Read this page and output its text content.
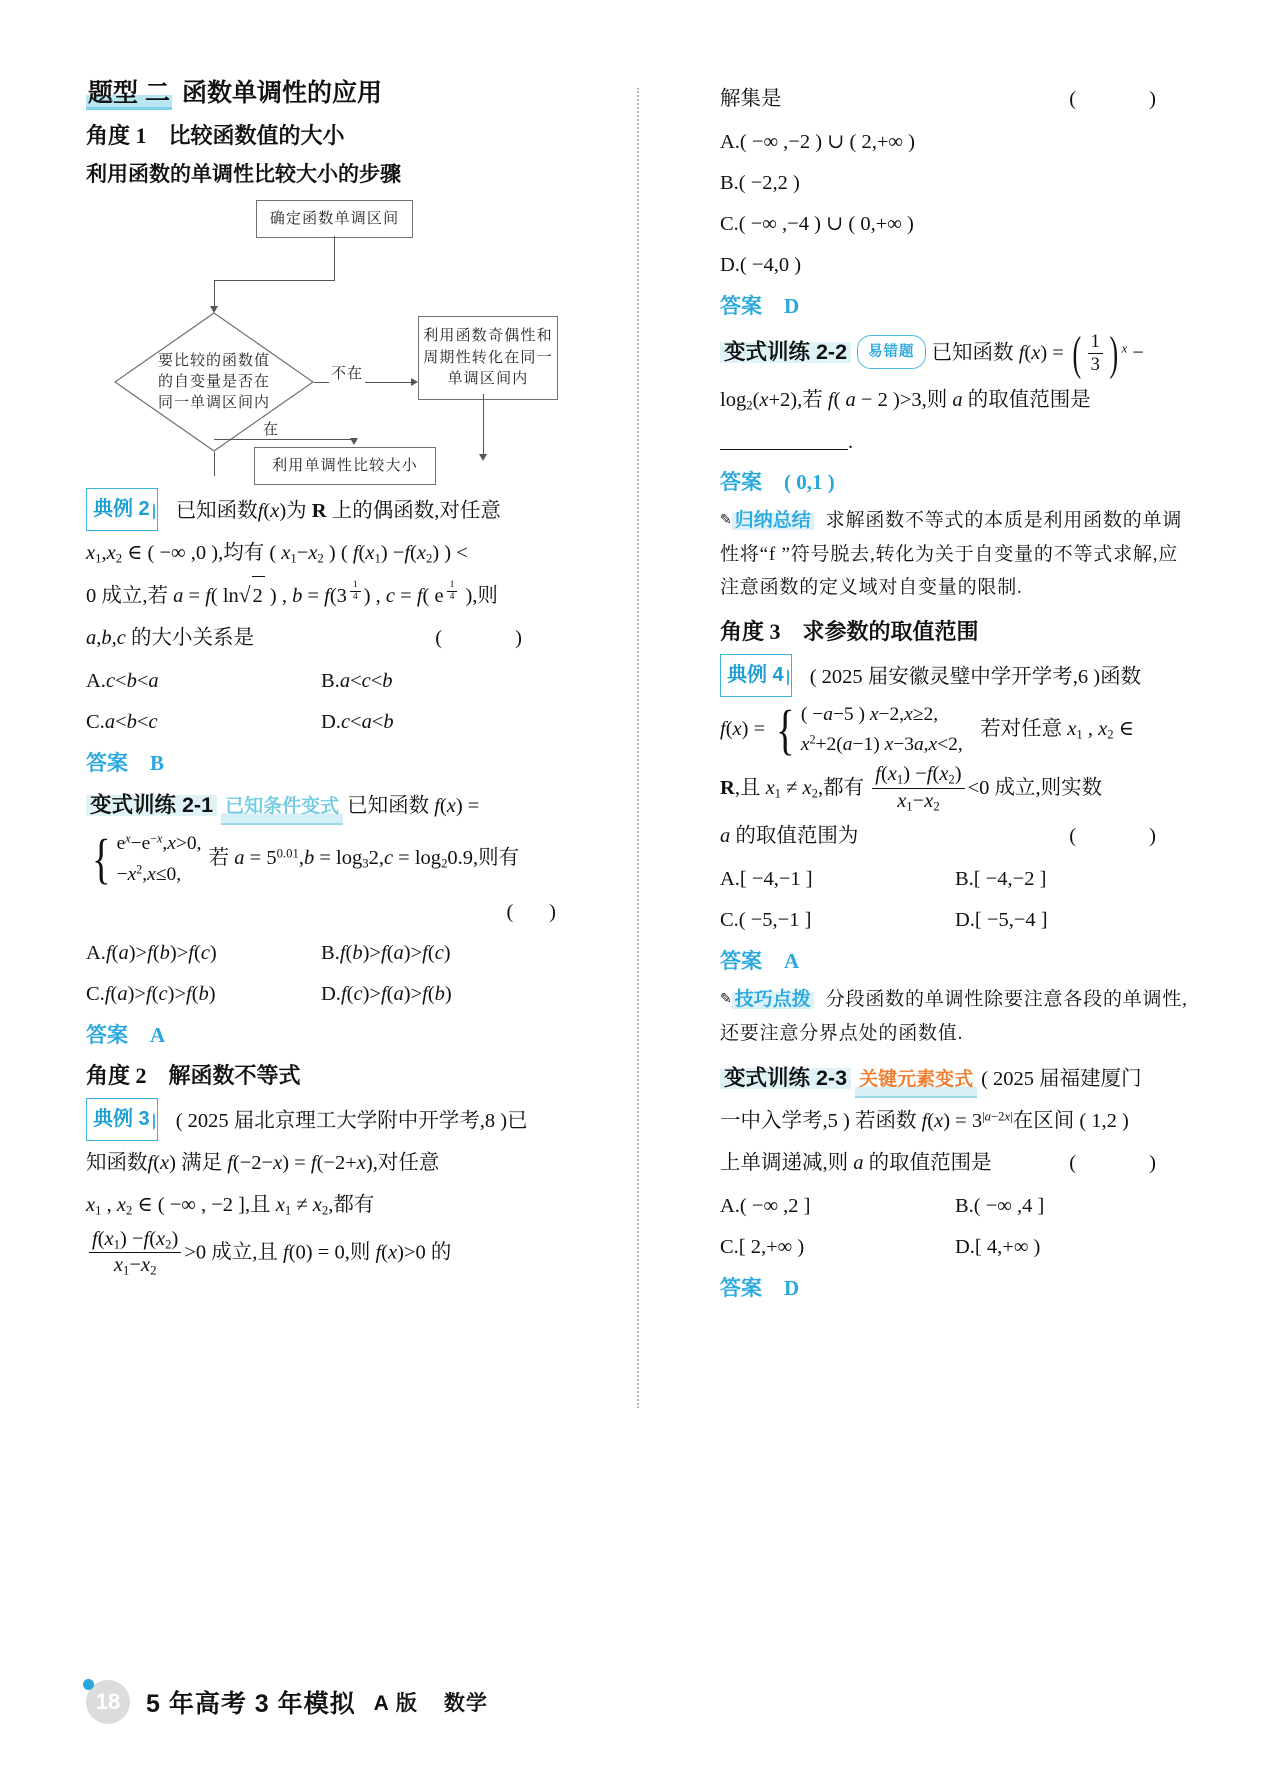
题型 二 函数单调性的应用
角度 1 比较函数值的大小
利用函数的单调性比较大小的步骤
确定函数单调区间
要比较的函数值的自变量是否在同一单调区间内
不在
利用函数奇偶性和周期性转化在同一单调区间内
在
利用单调性比较大小
典例 2 已知函数f(x)为 R 上的偶函数,对任意
$x_1,x_2$ ∈ ( −∞ ,0 ),均有 ( $x_1-x_2$ ) ( $f(x_1) -f(x_2)$ ) <
0 成立,若 a = f( ln √ 2 ) , b = f(3 $^{\frac{1}{4}}$ ) , c = f( e $^{\frac{1}{4}}$ ),则
a,b,c 的大小关系是	( )
A.c<b<a	B.a<c<b
C.a<b<c	D.c<a<b
答案 B
变式训练 2-1 已知条件变式 已知函数 f(x) =
{ $e^x-e^{-x},x>0$,
$-x^2,x\le 0$,
若 $a = 5^{0.01},b = \log_32,c = \log_20.9$,则有
(       )
A.f(a)>f(b)>f(c)	B.f(b)>f(a)>f(c)
C.f(a)>f(c)>f(b)	D.f(c)>f(a)>f(b)
答案 A
角度 2 解函数不等式
典例 3 ( 2025 届北京理工大学附中开学考,8 )已
知函数f(x) 满足 f(−2−x) = f(−2+x),对任意
$x_1$ , $x_2$ ∈ ( −∞ , −2 ],且 $x_1 \ne x_2$,都有
$\frac{f(x_1) -f(x_2)}{x_1-x_2} >0$ 成立,且 f(0) = 0,则 f(x)>0 的
解集是	( )
A.( −∞ ,−2 ) ∪ ( 2,+∞ )
B.( −2,2 )
C.( −∞ ,−4 ) ∪ ( 0,+∞ )
D.( −4,0 )
答案 D
变式训练 2-2 易错题 已知函数 f(x) = ( $\frac{1}{3}$ ) $^x$ −
$\log_2(x+2)$,若 f( a − 2 )>3,则 a 的取值范围是
.
答案 ( 0,1 )
✎ 归纳总结 求解函数不等式的本质是利用函数的单调性将“f ”符号脱去,转化为关于自变量的不等式求解,应注意函数的定义域对自变量的限制.
角度 3 求参数的取值范围
典例 4 ( 2025 届安徽灵璧中学开学考,6 )函数
f(x) = { ( −a−5 ) x−2,x≥2,
$x^2+2(a-1)$ x−3a,x<2,
若对任意 $x_1$ , $x_2$ ∈
R,且 $x_1 \ne x_2$,都有 $\frac{f(x_1) -f(x_2)}{x_1-x_2} <0$ 成立,则实数
a 的取值范围为	( )
A.[ −4,−1 ]	B.[ −4,−2 ]
C.( −5,−1 ]	D.[ −5,−4 ]
答案 A
✎ 技巧点拨 分段函数的单调性除要注意各段的单调性,还要注意分界点处的函数值.
变式训练 2-3 关键元素变式 ( 2025 届福建厦门
一中入学考,5 ) 若函数 $f(x) = 3^{|a-2x|}$在区间 ( 1,2 )
上单调递减,则 a 的取值范围是	( )
A.( −∞ ,2 ]	B.( −∞ ,4 ]
C.[ 2,+∞ )	D.[ 4,+∞ )
答案 D
18 5 年高考 3 年模拟 A 版 数学
